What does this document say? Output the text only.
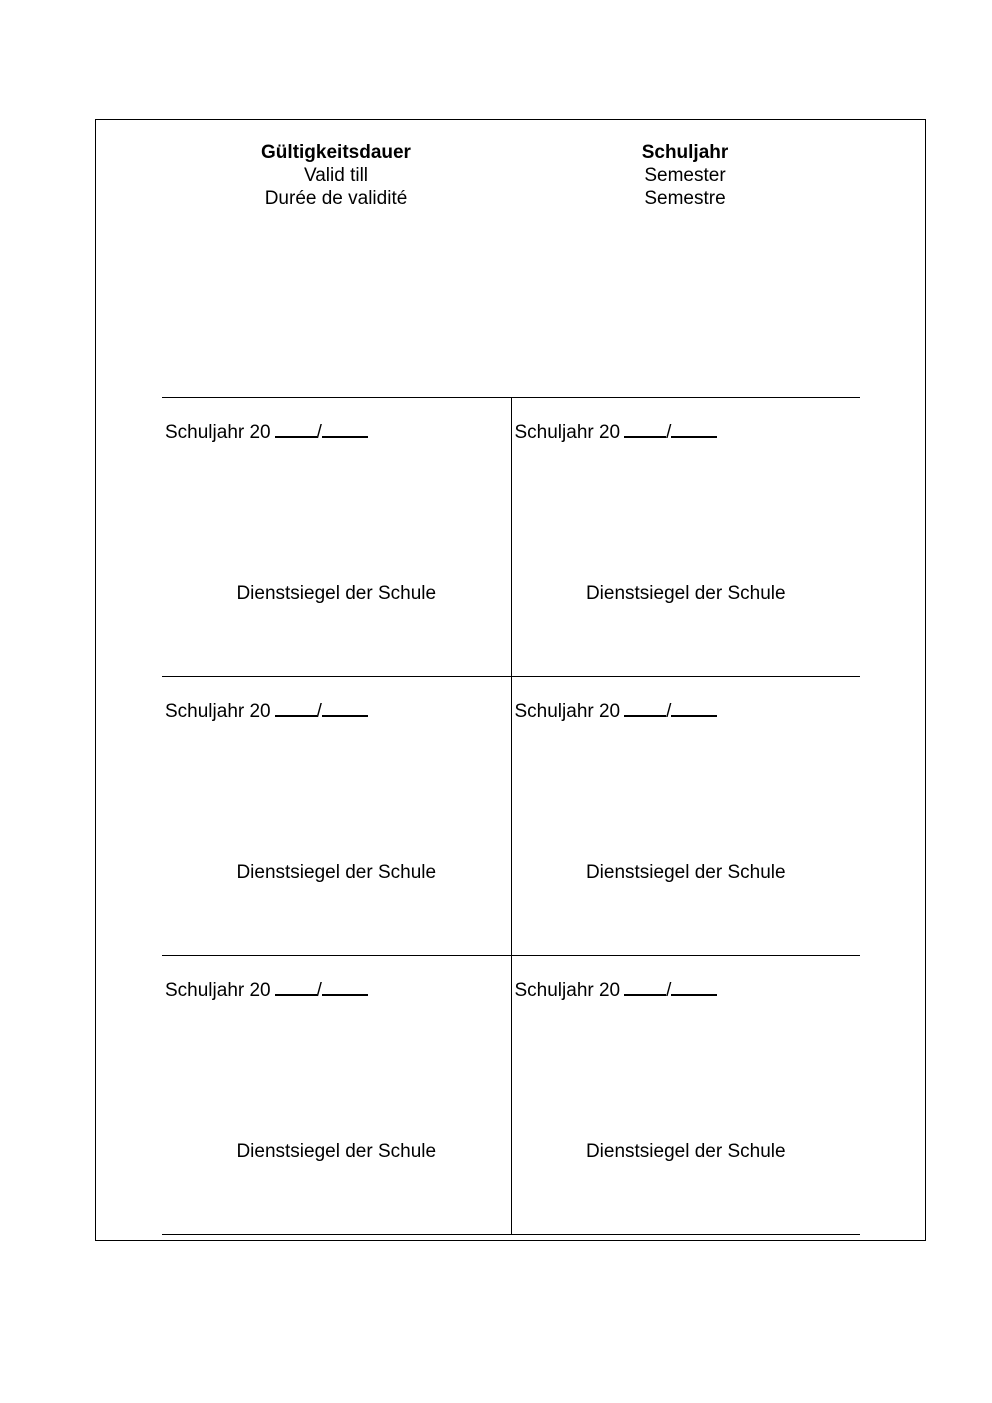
Gültigkeitsdauer
Valid till
Durée de validité
Schuljahr
Semester
Semestre
Schuljahr 20 /
Dienstsiegel der Schule
Schuljahr 20 /
Dienstsiegel der Schule
Schuljahr 20 /
Dienstsiegel der Schule
Schuljahr 20 /
Dienstsiegel der Schule
Schuljahr 20 /
Dienstsiegel der Schule
Schuljahr 20 /
Dienstsiegel der Schule
